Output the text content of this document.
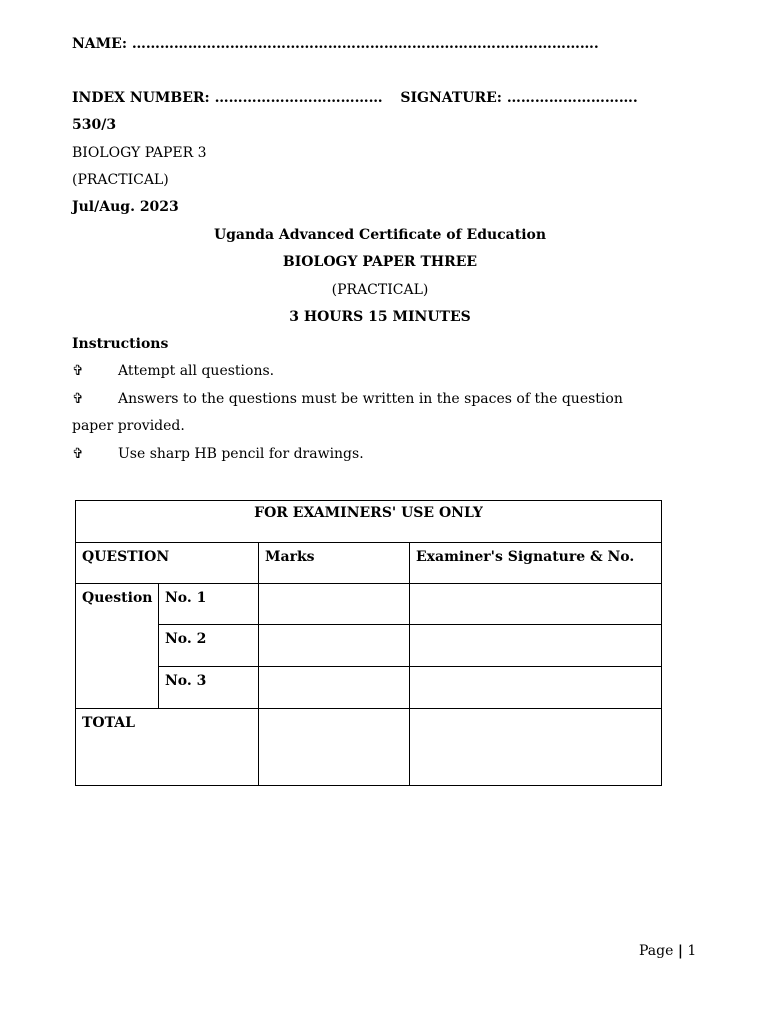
NAME: ……………………………………………………………………………………….
INDEX NUMBER: ……………………………… SIGNATURE: ……………………….
530/3
BIOLOGY PAPER 3
(PRACTICAL)
Jul/Aug. 2023
Uganda Advanced Certificate of Education
BIOLOGY PAPER THREE
(PRACTICAL)
3 HOURS 15 MINUTES
Instructions
✞ Attempt all questions.
✞ Answers to the questions must be written in the spaces of the question
paper provided.
✞ Use sharp HB pencil for drawings.
FOR EXAMINERS' USE ONLY			
QUESTION		Marks	Examiner's Signature & No.
Question	No. 1		
	No. 2		
	No. 3		
TOTAL			
Page | 1
